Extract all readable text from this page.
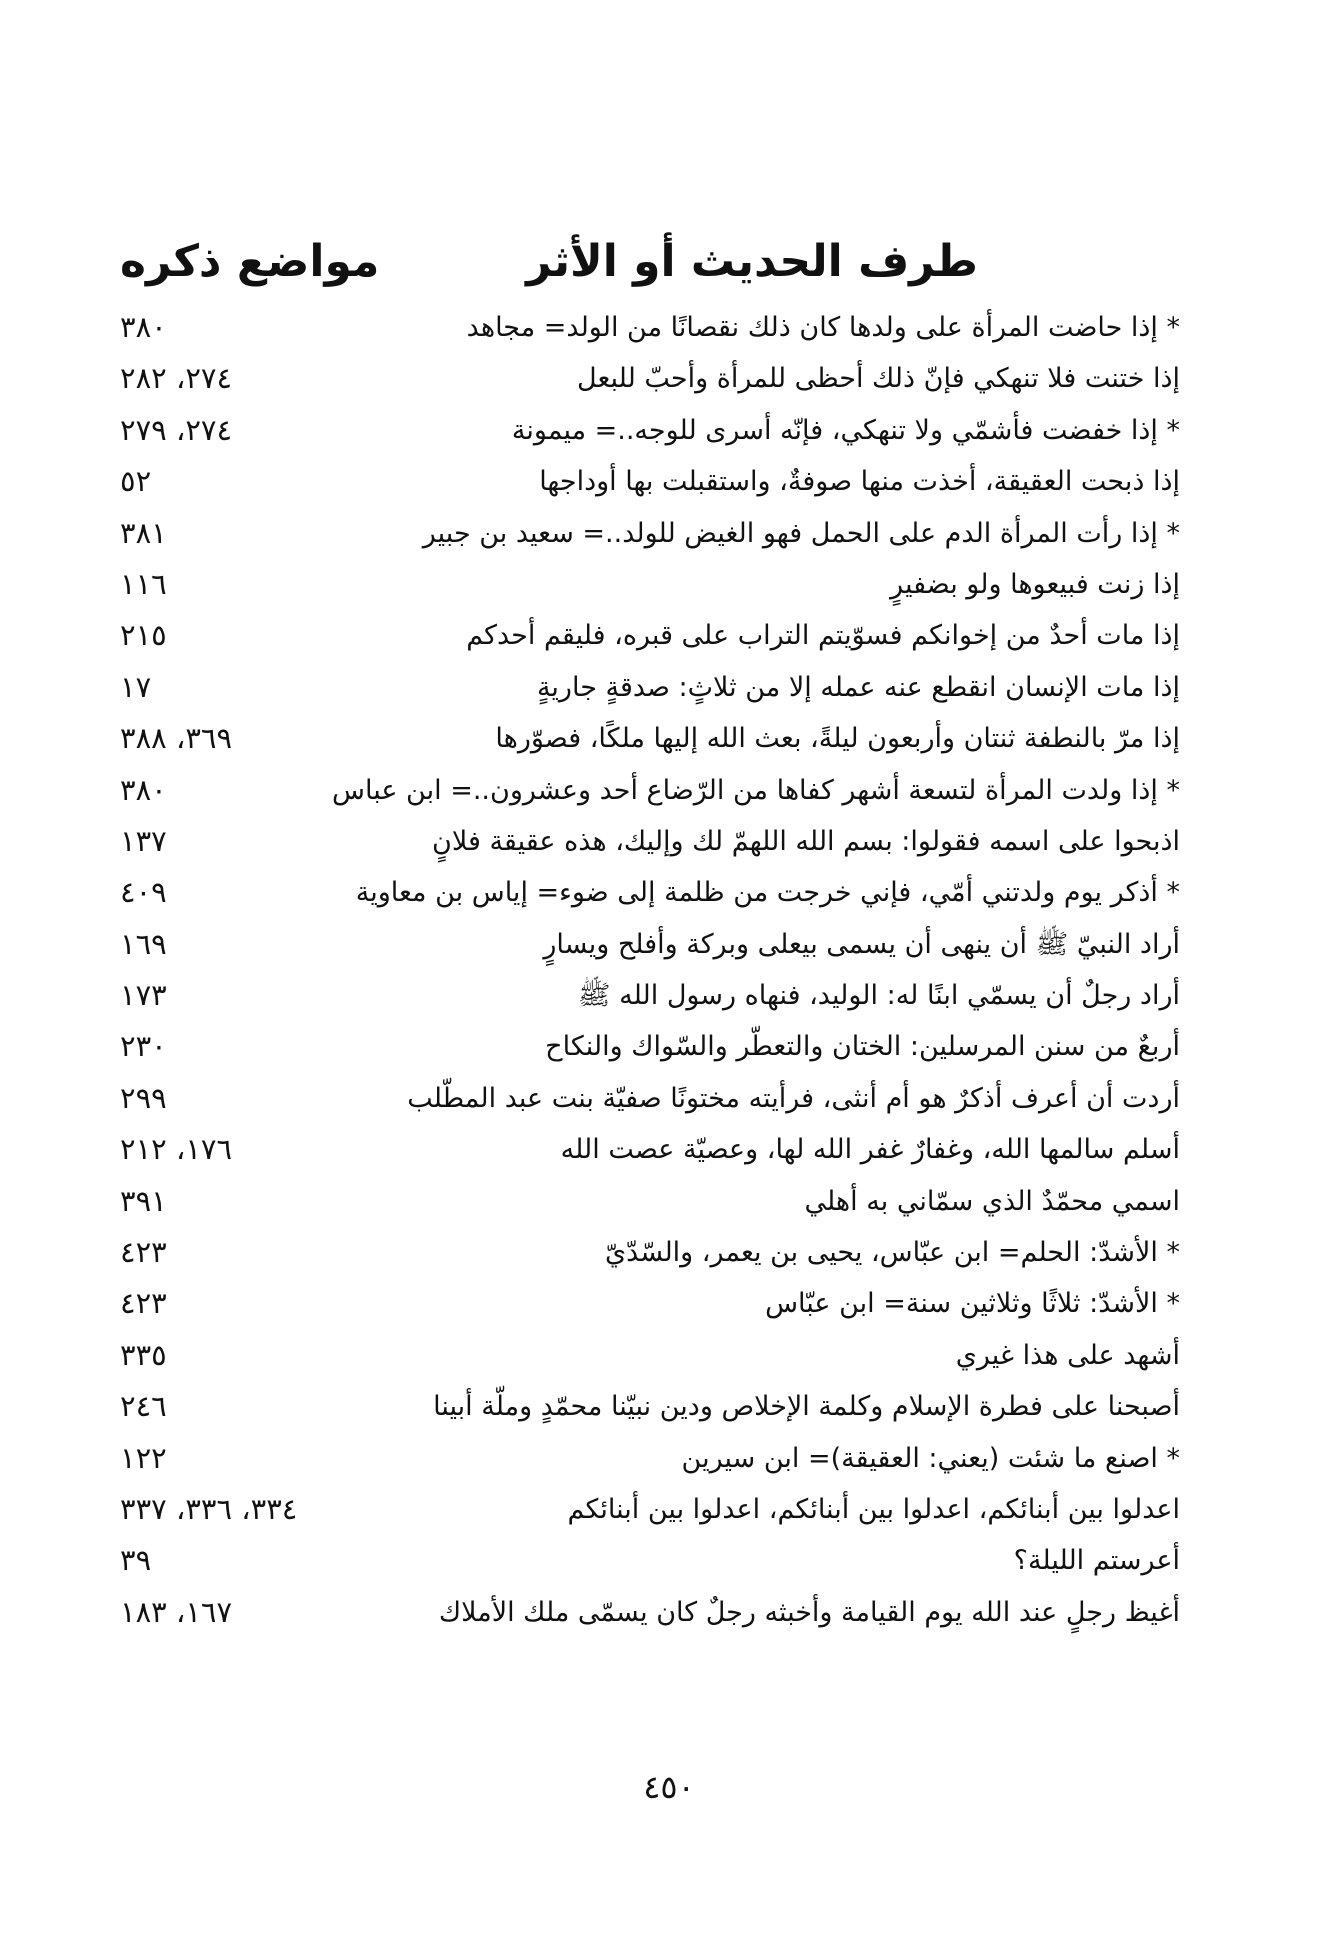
طرف الحديث أو الأثر
مواضع ذكره
* إذا حاضت المرأة على ولدها كان ذلك نقصانًا من الولد= مجاهد
٣٨٠
إذا ختنت فلا تنهكي فإنّ ذلك أحظى للمرأة وأحبّ للبعل
٢٧٤، ٢٨٢
* إذا خفضت فأشمّي ولا تنهكي، فإنّه أسرى للوجه..= ميمونة
٢٧٤، ٢٧٩
إذا ذبحت العقيقة، أخذت منها صوفةٌ، واستقبلت بها أوداجها
٥٢
* إذا رأت المرأة الدم على الحمل فهو الغيض للولد..= سعيد بن جبير
٣٨١
إذا زنت فبيعوها ولو بضفيرٍ
١١٦
إذا مات أحدٌ من إخوانكم فسوّيتم التراب على قبره، فليقم أحدكم
٢١٥
إذا مات الإنسان انقطع عنه عمله إلا من ثلاثٍ: صدقةٍ جاريةٍ
١٧
إذا مرّ بالنطفة ثنتان وأربعون ليلةً، بعث الله إليها ملكًا، فصوّرها
٣٦٩، ٣٨٨
* إذا ولدت المرأة لتسعة أشهر كفاها من الرّضاع أحد وعشرون..= ابن عباس
٣٨٠
اذبحوا على اسمه فقولوا: بسم الله اللهمّ لك وإليك، هذه عقيقة فلانٍ
١٣٧
* أذكر يوم ولدتني أمّي، فإني خرجت من ظلمة إلى ضوء= إياس بن معاوية
٤٠٩
أراد النبيّ ﷺ أن ينهى أن يسمى بيعلى وبركة وأفلح ويسارٍ
١٦٩
أراد رجلٌ أن يسمّي ابنًا له: الوليد، فنهاه رسول الله ﷺ
١٧٣
أربعٌ من سنن المرسلين: الختان والتعطّر والسّواك والنكاح
٢٣٠
أردت أن أعرف أذكرٌ هو أم أنثى، فرأيته مختونًا صفيّة بنت عبد المطّلب
٢٩٩
أسلم سالمها الله، وغفارٌ غفر الله لها، وعصيّة عصت الله
١٧٦، ٢١٢
اسمي محمّدٌ الذي سمّاني به أهلي
٣٩١
* الأشدّ: الحلم= ابن عبّاس، يحيى بن يعمر، والسّدّيّ
٤٢٣
* الأشدّ: ثلاثًا وثلاثين سنة= ابن عبّاس
٤٢٣
أشهد على هذا غيري
٣٣٥
أصبحنا على فطرة الإسلام وكلمة الإخلاص ودين نبيّنا محمّدٍ وملّة أبينا
٢٤٦
* اصنع ما شئت (يعني: العقيقة)= ابن سيرين
١٢٢
اعدلوا بين أبنائكم، اعدلوا بين أبنائكم، اعدلوا بين أبنائكم
٣٣٤، ٣٣٦، ٣٣٧
أعرستم الليلة؟
٣٩
أغيظ رجلٍ عند الله يوم القيامة وأخبثه رجلٌ كان يسمّى ملك الأملاك
١٦٧، ١٨٣
٤٥٠
